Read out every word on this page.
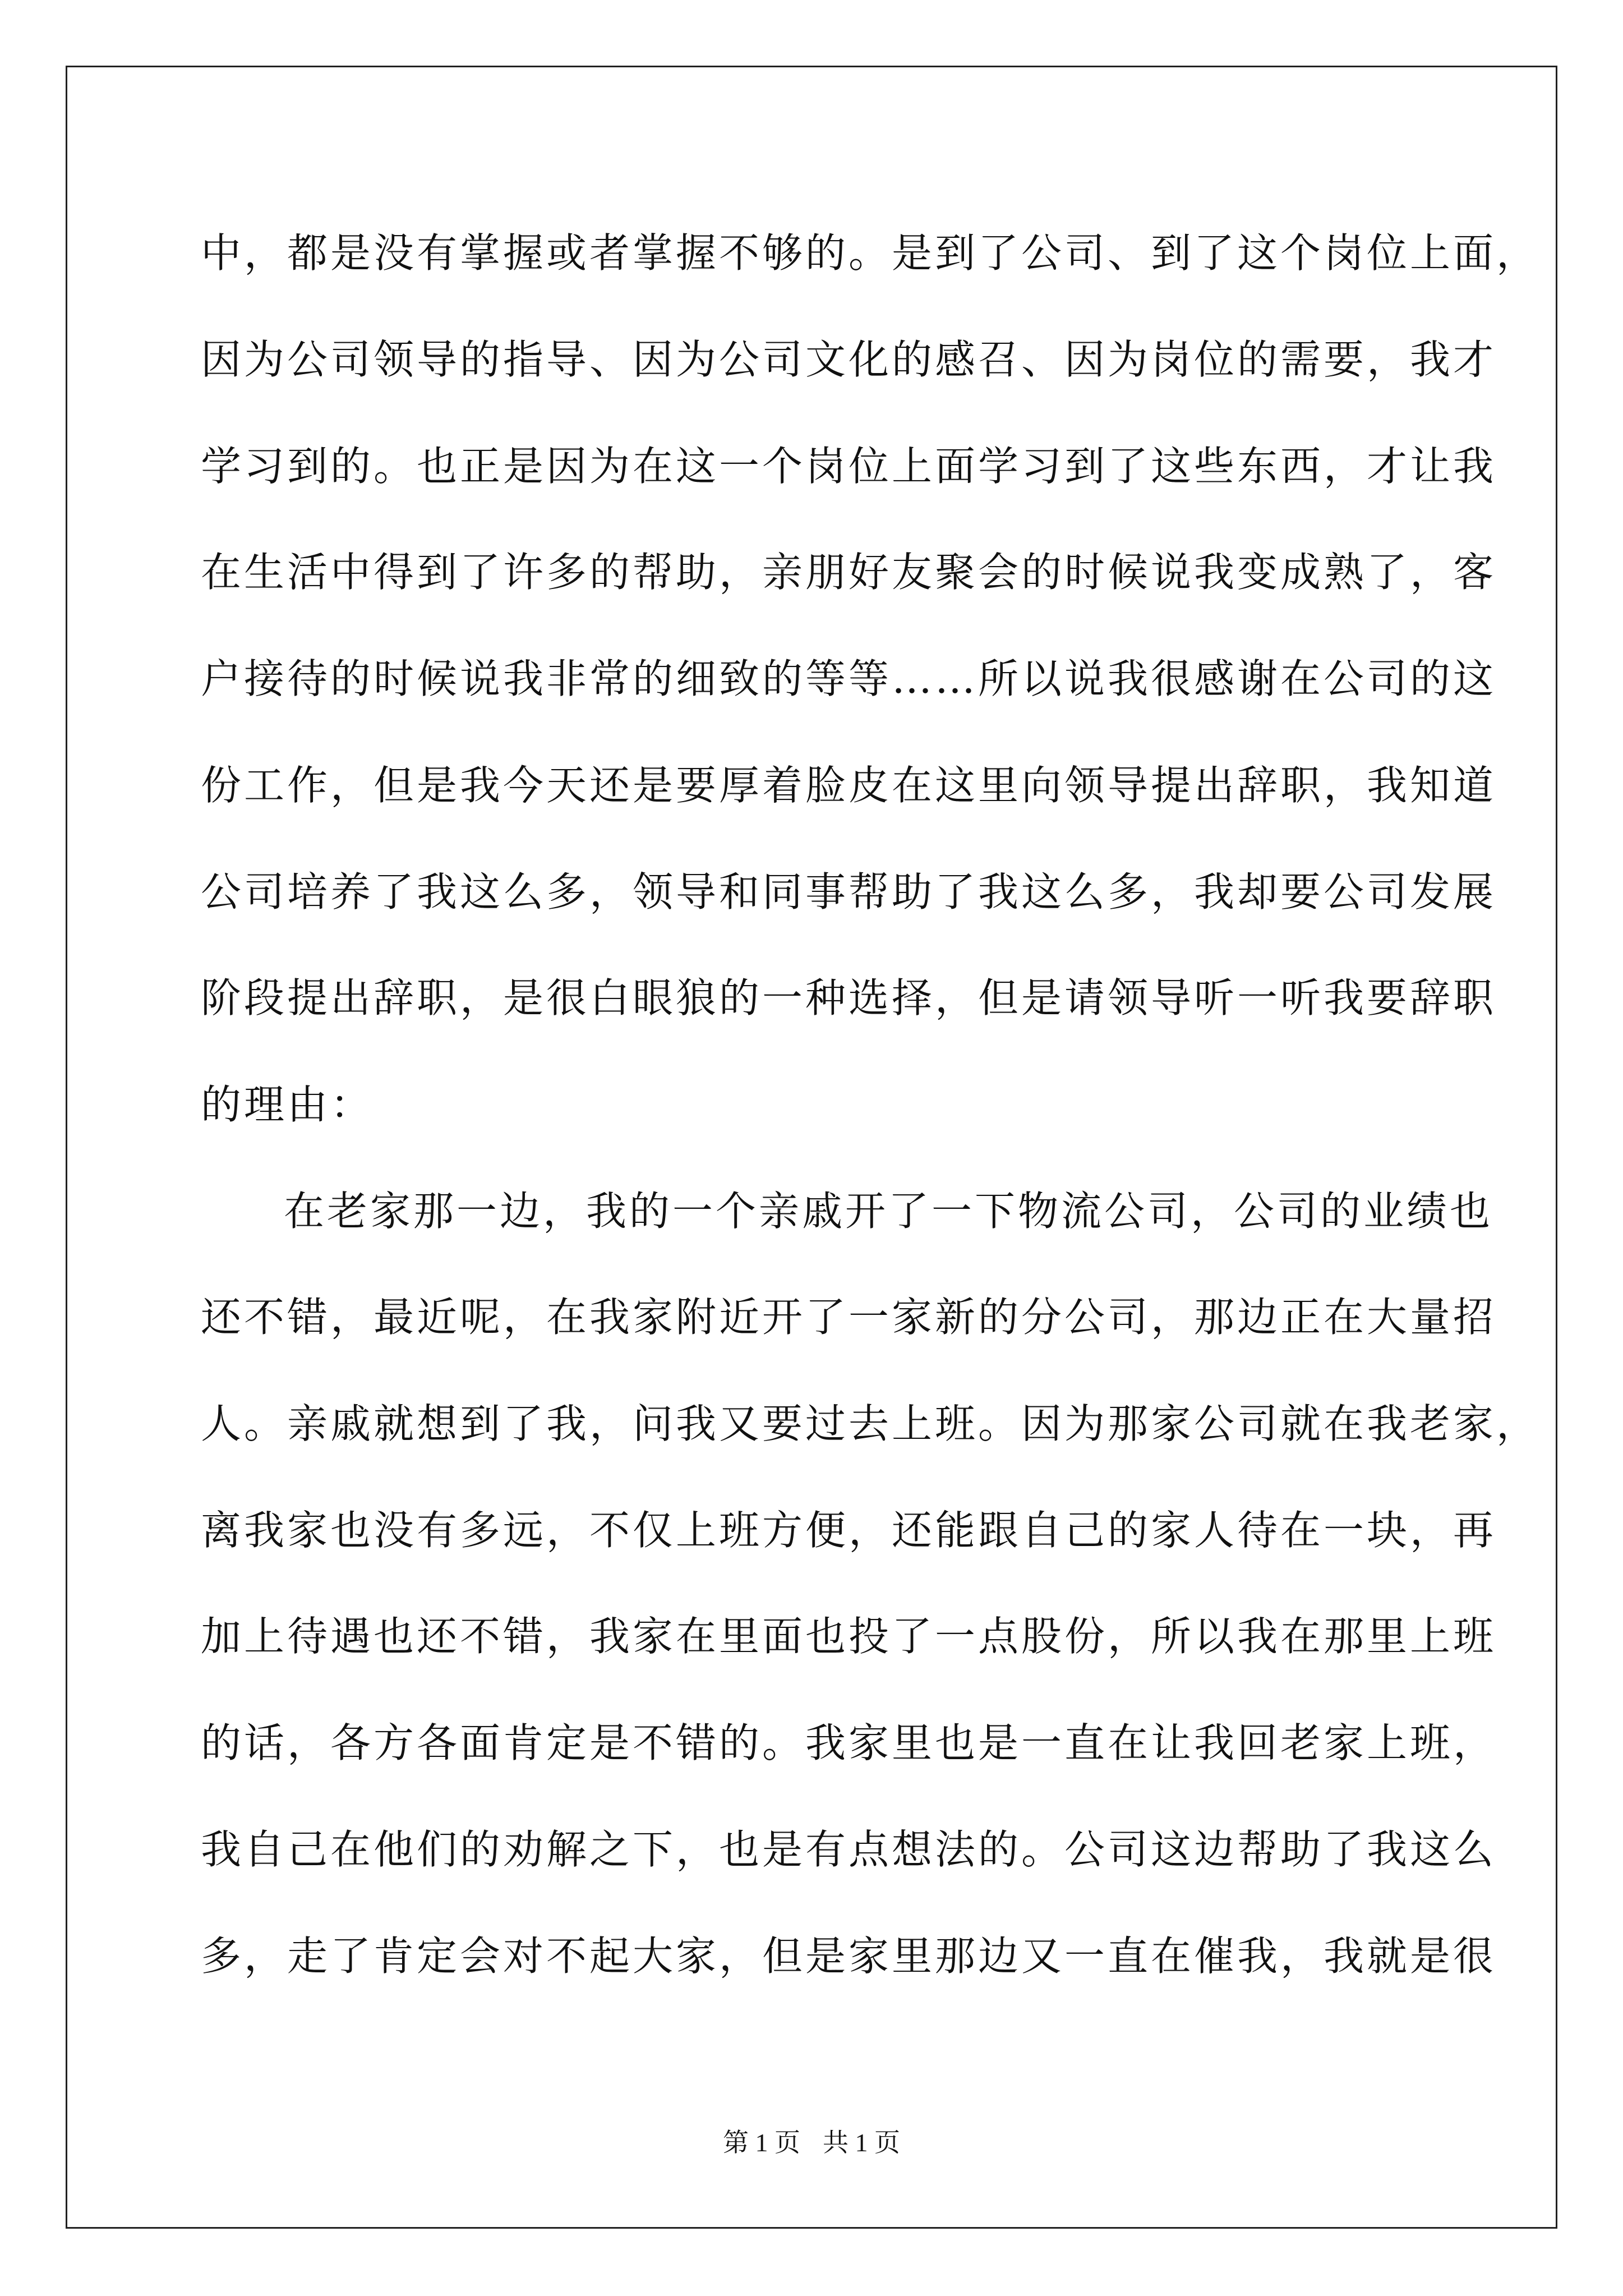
中，都是没有掌握或者掌握不够的。是到了公司、到了这个岗位上面，
因为公司领导的指导、因为公司文化的感召、因为岗位的需要，我才
学习到的。也正是因为在这一个岗位上面学习到了这些东西，才让我
在生活中得到了许多的帮助，亲朋好友聚会的时候说我变成熟了，客
户接待的时候说我非常的细致的等等……所以说我很感谢在公司的这
份工作，但是我今天还是要厚着脸皮在这里向领导提出辞职，我知道
公司培养了我这么多，领导和同事帮助了我这么多，我却要公司发展
阶段提出辞职，是很白眼狼的一种选择，但是请领导听一听我要辞职
的理由：
在老家那一边，我的一个亲戚开了一下物流公司，公司的业绩也
还不错，最近呢，在我家附近开了一家新的分公司，那边正在大量招
人。亲戚就想到了我，问我又要过去上班。因为那家公司就在我老家，
离我家也没有多远，不仅上班方便，还能跟自己的家人待在一块，再
加上待遇也还不错，我家在里面也投了一点股份，所以我在那里上班
的话，各方各面肯定是不错的。我家里也是一直在让我回老家上班，
我自己在他们的劝解之下，也是有点想法的。公司这边帮助了我这么
多，走了肯定会对不起大家，但是家里那边又一直在催我，我就是很
第 1 页 共 1 页
